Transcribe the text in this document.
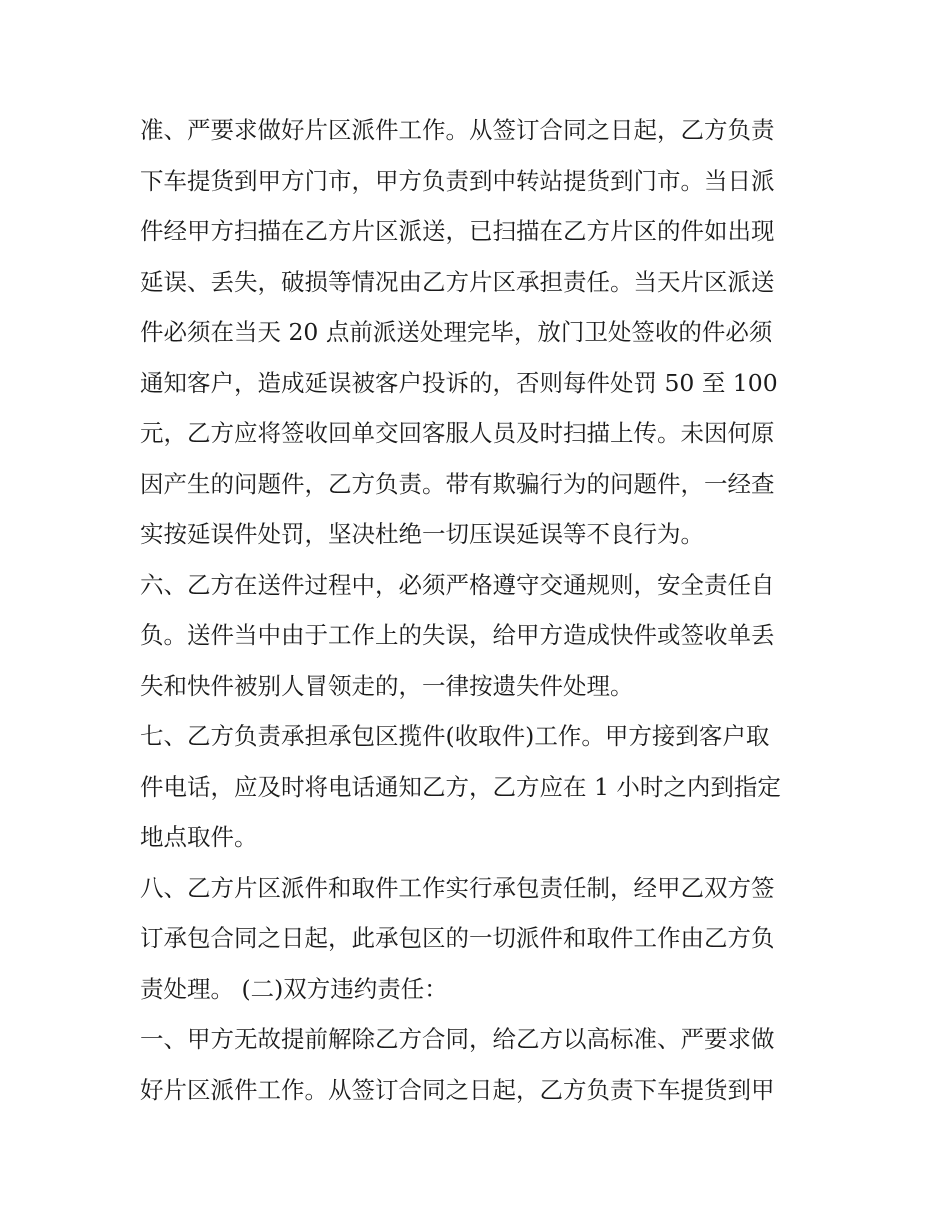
准、严要求做好片区派件工作。从签订合同之日起，乙方负责
下车提货到甲方门市，甲方负责到中转站提货到门市。当日派
件经甲方扫描在乙方片区派送，已扫描在乙方片区的件如出现
延误、丢失，破损等情况由乙方片区承担责任。当天片区派送
件必须在当天 20 点前派送处理完毕，放门卫处签收的件必须
通知客户，造成延误被客户投诉的，否则每件处罚 50 至 100
元，乙方应将签收回单交回客服人员及时扫描上传。未因何原
因产生的问题件，乙方负责。带有欺骗行为的问题件，一经查
实按延误件处罚，坚决杜绝一切压误延误等不良行为。
六、乙方在送件过程中，必须严格遵守交通规则，安全责任自
负。送件当中由于工作上的失误，给甲方造成快件或签收单丢
失和快件被别人冒领走的，一律按遗失件处理。
七、乙方负责承担承包区揽件(收取件)工作。甲方接到客户取
件电话，应及时将电话通知乙方，乙方应在 1 小时之内到指定
地点取件。
八、乙方片区派件和取件工作实行承包责任制，经甲乙双方签
订承包合同之日起，此承包区的一切派件和取件工作由乙方负
责处理。 (二)双方违约责任：
一、甲方无故提前解除乙方合同，给乙方以高标准、严要求做
好片区派件工作。从签订合同之日起，乙方负责下车提货到甲
